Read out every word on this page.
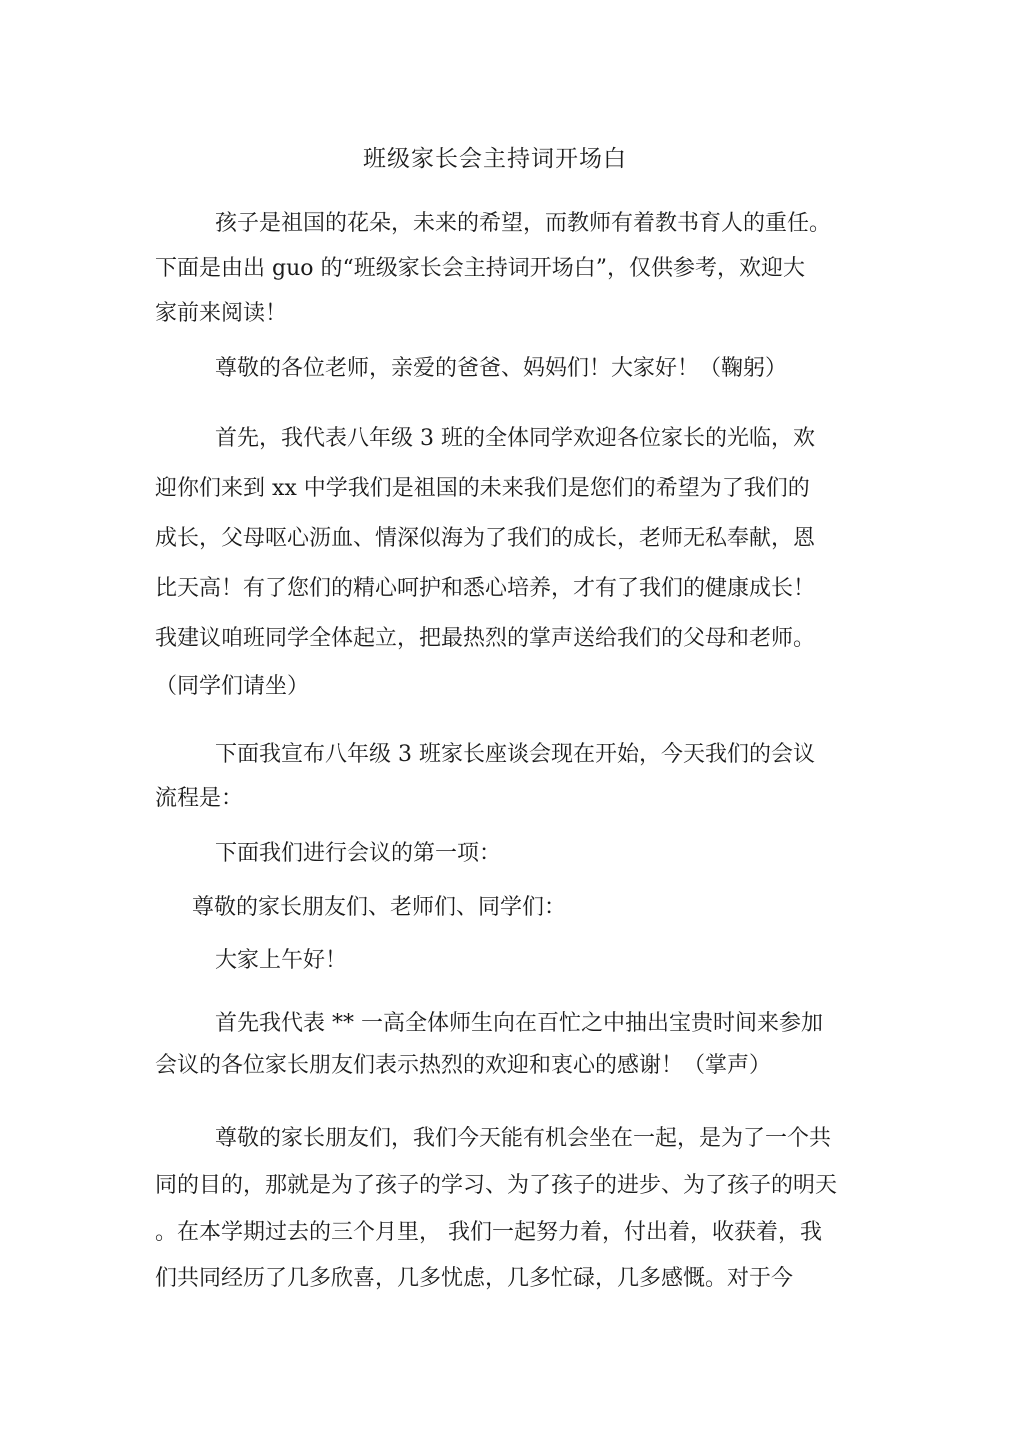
班级家长会主持词开场白
孩子是祖国的花朵，未来的希望，而教师有着教书育人的重任。
下面是由出 guo 的“班级家长会主持词开场白”，仅供参考，欢迎大
家前来阅读！
尊敬的各位老师，亲爱的爸爸、妈妈们！大家好！（鞠躬）
首先，我代表八年级 3 班的全体同学欢迎各位家长的光临，欢
迎你们来到 xx 中学我们是祖国的未来我们是您们的希望为了我们的
成长，父母呕心沥血、情深似海为了我们的成长，老师无私奉献，恩
比天高！有了您们的精心呵护和悉心培养，才有了我们的健康成长！
我建议咱班同学全体起立，把最热烈的掌声送给我们的父母和老师。
（同学们请坐）
下面我宣布八年级 3 班家长座谈会现在开始，今天我们的会议
流程是：
下面我们进行会议的第一项：
尊敬的家长朋友们、老师们、同学们：
大家上午好！
首先我代表 ** 一高全体师生向在百忙之中抽出宝贵时间来参加
会议的各位家长朋友们表示热烈的欢迎和衷心的感谢！（掌声）
尊敬的家长朋友们，我们今天能有机会坐在一起，是为了一个共
同的目的，那就是为了孩子的学习、为了孩子的进步、为了孩子的明天
。在本学期过去的三个月里， 我们一起努力着，付出着，收获着，我
们共同经历了几多欣喜，几多忧虑，几多忙碌，几多感慨。对于今
